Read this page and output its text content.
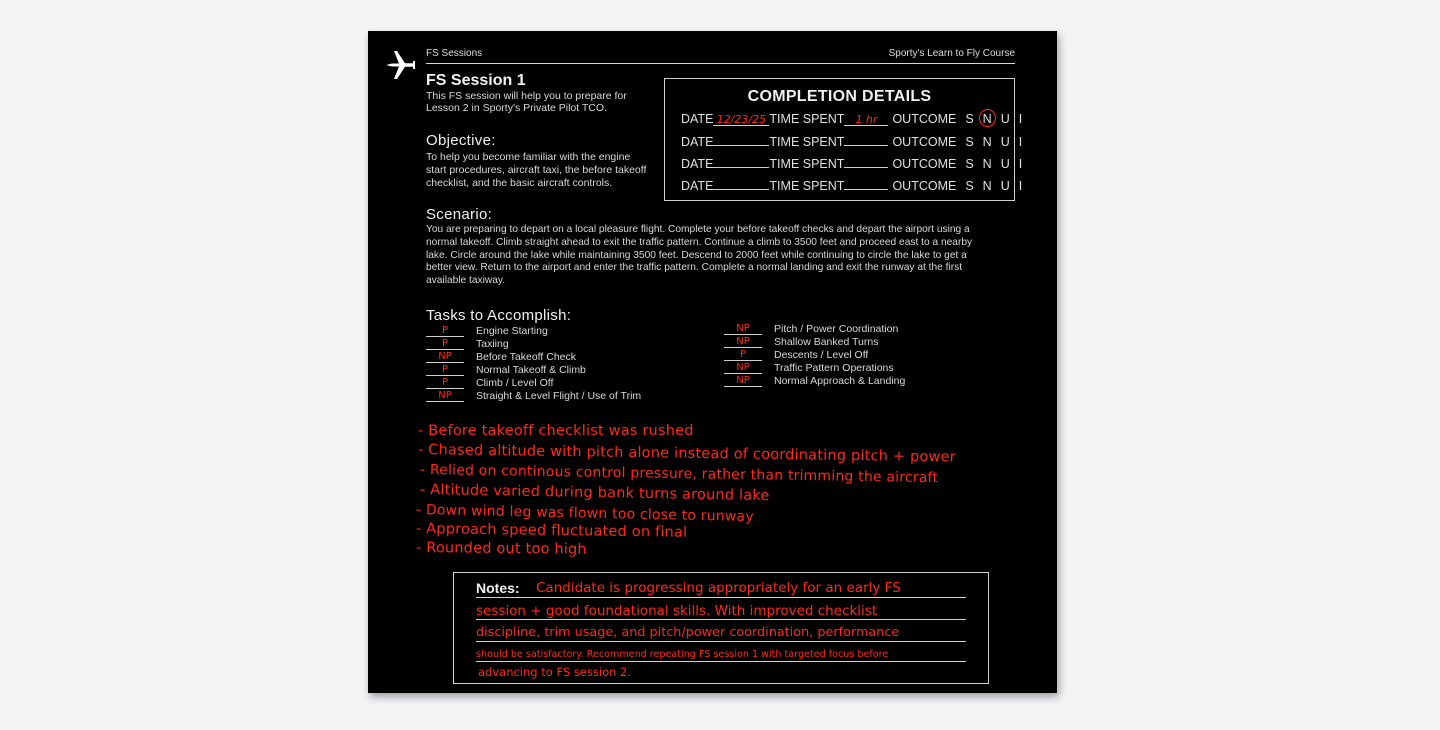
FS Sessions	Sporty's Learn to Fly Course
FS Session 1
This FS session will help you to prepare for
Lesson 2 in Sporty's Private Pilot TCO.
Objective:
To help you become familiar with the engine
start procedures, aircraft taxi, the before takeoff
checklist, and the basic aircraft controls.
COMPLETION DETAILS
DATE 12/23/25 TIME SPENT	1 hr	OUTCOME S N U I
DATE	TIME SPENT	OUTCOME S N U I
DATE	TIME SPENT	OUTCOME S N U I
DATE	TIME SPENT	OUTCOME S N U I
Scenario:
You are preparing to depart on a local pleasure flight. Complete your before takeoff checks and depart the airport using a
normal takeoff. Climb straight ahead to exit the traffic pattern. Continue a climb to 3500 feet and proceed east to a nearby
lake. Circle around the lake while maintaining 3500 feet. Descend to 2000 feet while continuing to circle the lake to get a
better view. Return to the airport and enter the traffic pattern. Complete a normal landing and exit the runway at the first
available taxiway.
Tasks to Accomplish:
P	Engine Starting
P	Taxiing
NP	Before Takeoff Check
P	Normal Takeoff & Climb
P	Climb / Level Off
NP	Straight & Level Flight / Use of Trim
NP	Pitch / Power Coordination
NP	Shallow Banked Turns
P	Descents / Level Off
NP	Traffic Pattern Operations
NP	Normal Approach & Landing
- Before takeoff checklist was rushed
- Chased altitude with pitch alone instead of coordinating pitch + power
- Relied on continous control pressure, rather than trimming the aircraft
- Altitude varied during bank turns around lake
- Down wind leg was flown too close to runway
- Approach speed fluctuated on final
- Rounded out too high
Notes: Candidate is progressing appropriately for an early FS
session + good foundational skills. With improved checklist
discipline, trim usage, and pitch/power coordination, performance
should be satisfactory. Recommend repeating FS session 1 with targeted focus before
advancing to FS session 2.
